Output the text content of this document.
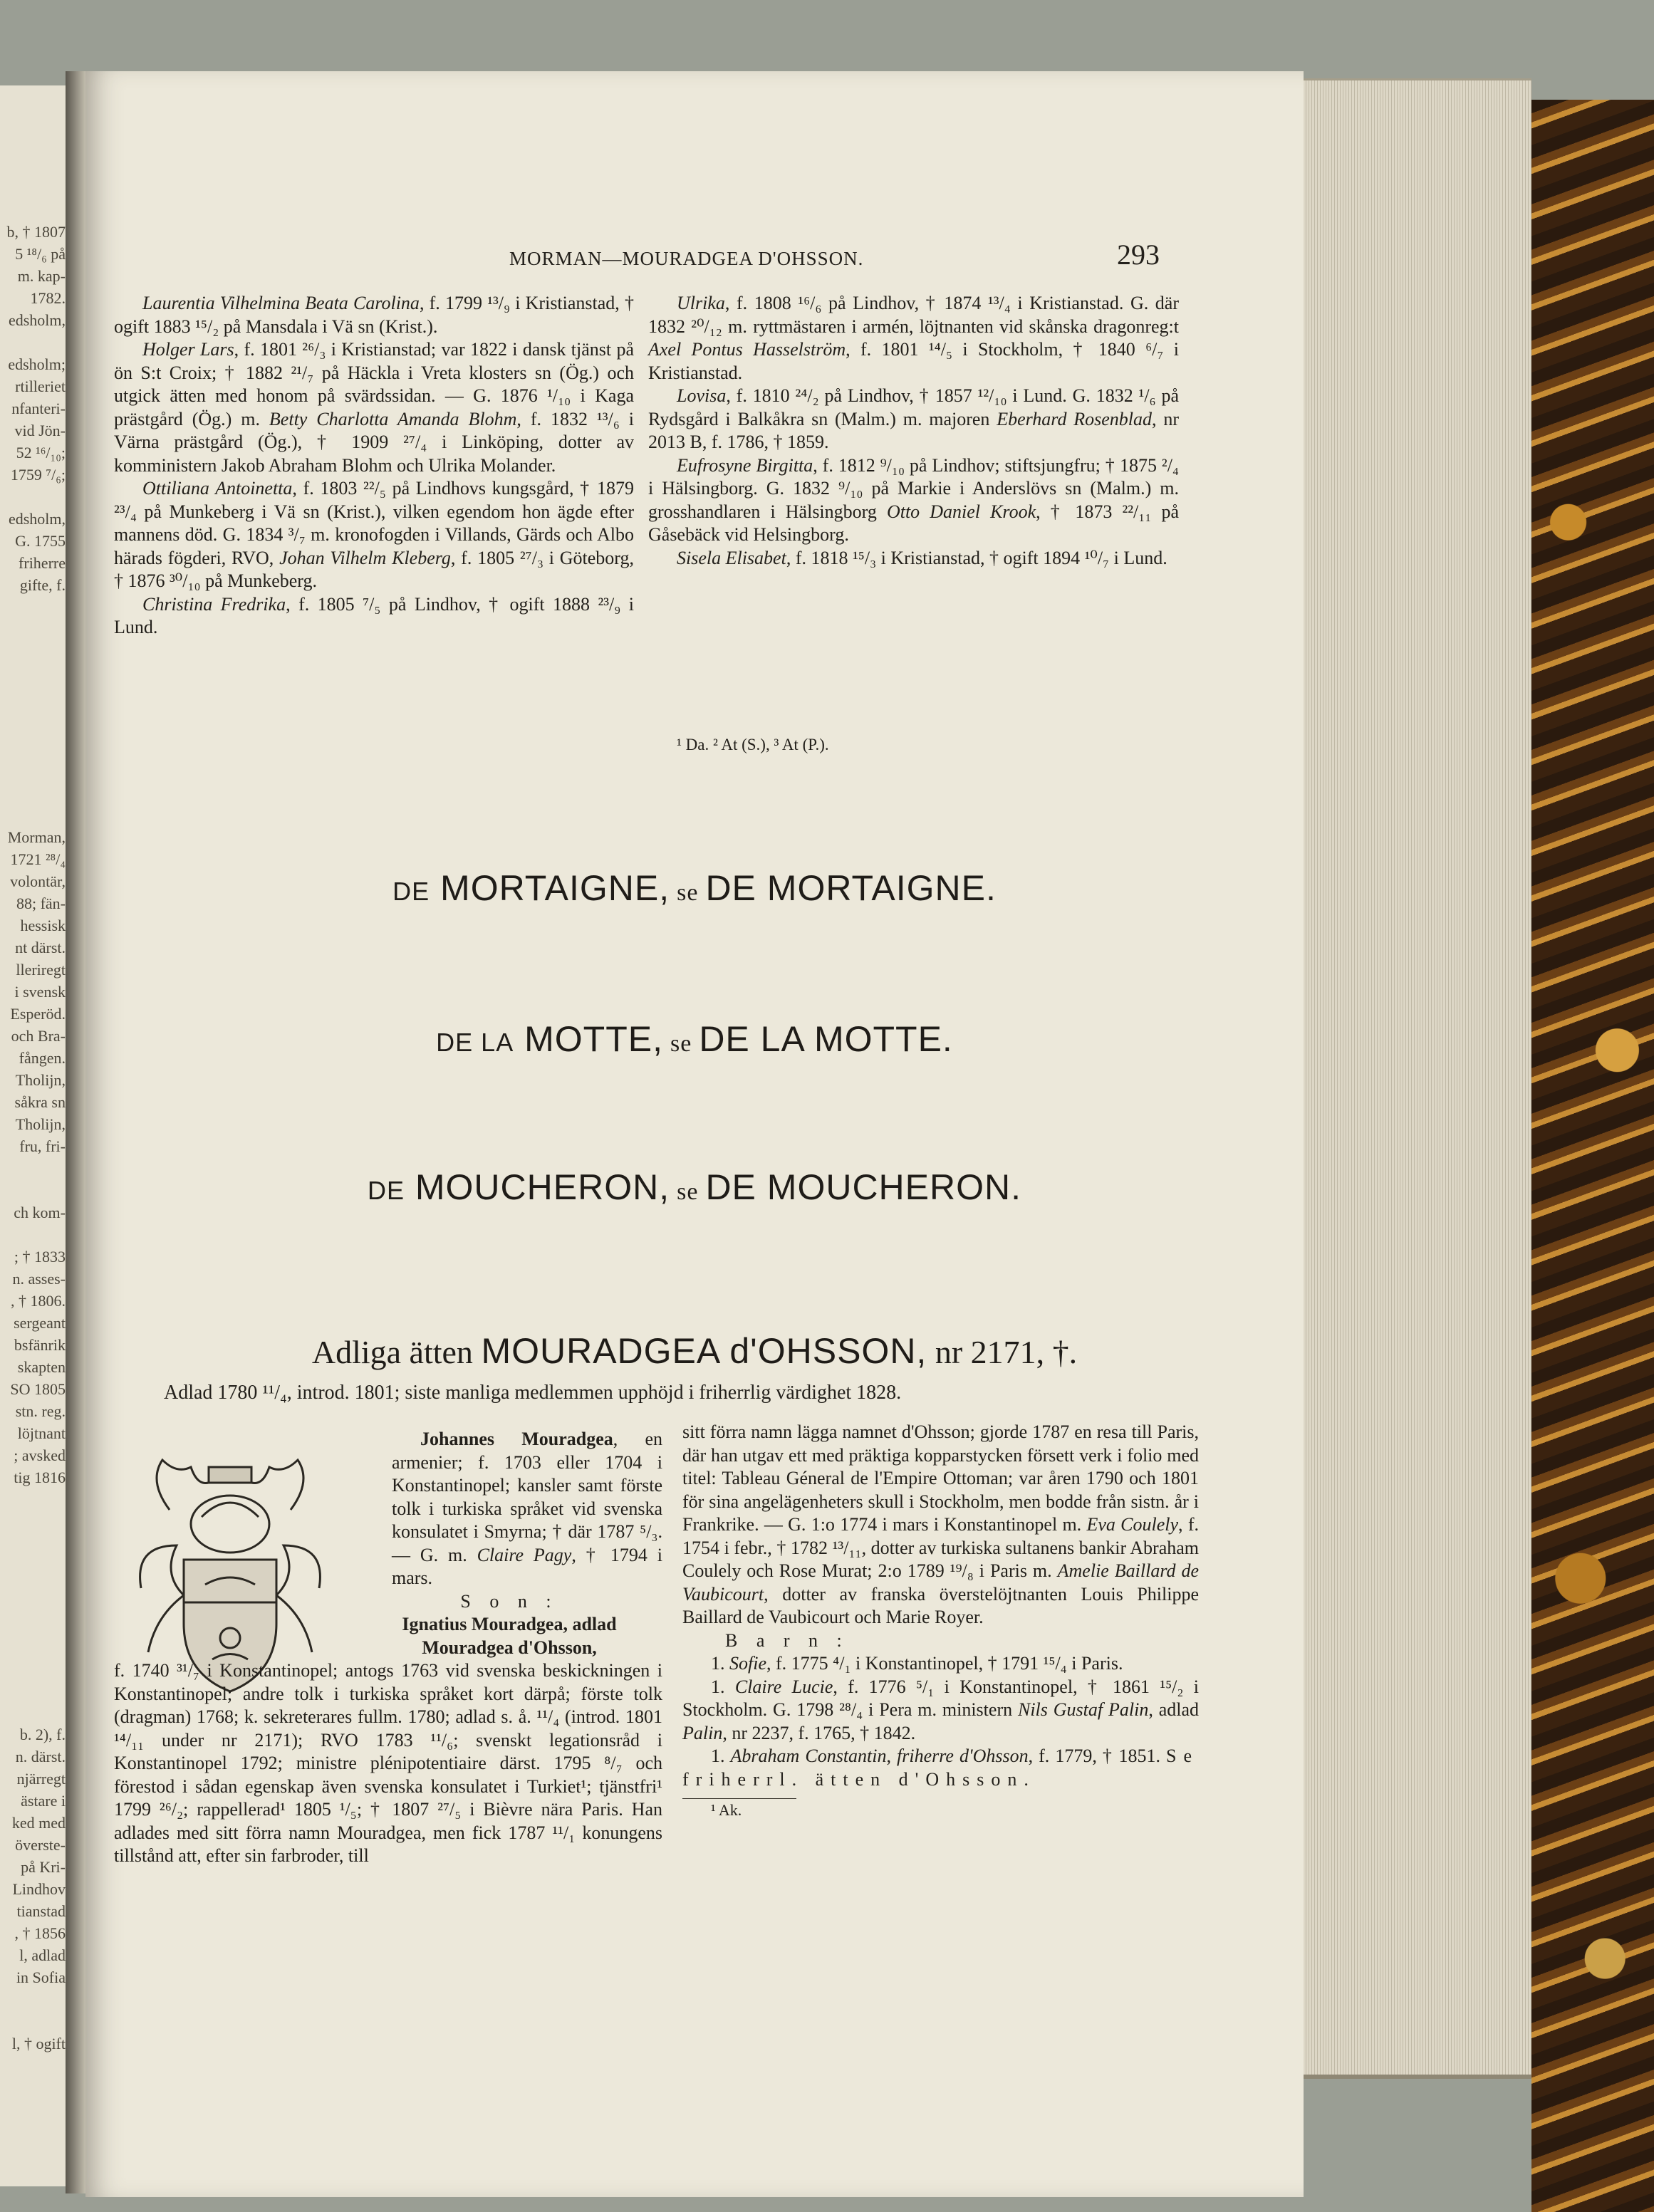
b, † 1807
5 ¹⁸/₆ på
m. kap-
1782.
edsholm,

edsholm;
rtilleriet
nfanteri-
vid Jön-
52 ¹⁶/₁₀;
1759 ⁷/₆;

edsholm,
G. 1755
friherre
gifte, f.
Morman,
1721 ²⁸/₄
volontär,
88; fän-
hessisk
nt därst.
lleriregt
i svensk
Esperöd.
och Bra-
fången.
Tholijn,
såkra sn
Tholijn,
fru, fri-

ch kom-

; † 1833
n. asses-
, † 1806.
sergeant
bsfänrik
skapten
SO 1805
stn. reg.
löjtnant
; avsked
tig 1816
b. 2), f.
n. därst.
njärregt
ästare i
ked med
överste-
på Kri-
Lindhov
tianstad
, † 1856
l, adlad
in Sofia

l, † ogift
MORMAN—MOURADGEA D'OHSSON.	293

Laurentia Vilhelmina Beata Carolina, f. 1799 ¹³/₉ i Kristianstad, † ogift 1883 ¹⁵/₂ på Mansdala i Vä sn (Krist.).

Holger Lars, f. 1801 ²⁶/₃ i Kristianstad; var 1822 i dansk tjänst på ön S:t Croix; † 1882 ²¹/₇ på Häckla i Vreta klosters sn (Ög.) och utgick ätten med honom på svärdssidan. — G. 1876 ¹/₁₀ i Kaga prästgård (Ög.) m. Betty Charlotta Amanda Blohm, f. 1832 ¹³/₆ i Värna prästgård (Ög.), † 1909 ²⁷/₄ i Linköping, dotter av komministern Jakob Abraham Blohm och Ulrika Molander.

Ottiliana Antoinetta, f. 1803 ²²/₅ på Lindhovs kungsgård, † 1879 ²³/₄ på Munkeberg i Vä sn (Krist.), vilken egendom hon ägde efter mannens död. G. 1834 ³/₇ m. kronofogden i Villands, Gärds och Albo härads fögderi, RVO, Johan Vilhelm Kleberg, f. 1805 ²⁷/₃ i Göteborg, † 1876 ³⁰/₁₀ på Munkeberg.

Christina Fredrika, f. 1805 ⁷/₅ på Lindhov, † ogift 1888 ²³/₉ i Lund.

Ulrika, f. 1808 ¹⁶/₆ på Lindhov, † 1874 ¹³/₄ i Kristianstad. G. där 1832 ²⁰/₁₂ m. ryttmästaren i armén, löjtnanten vid skånska dragonreg:t Axel Pontus Hasselström, f. 1801 ¹⁴/₅ i Stockholm, † 1840 ⁶/₇ i Kristianstad.

Lovisa, f. 1810 ²⁴/₂ på Lindhov, † 1857 ¹²/₁₀ i Lund. G. 1832 ¹/₆ på Rydsgård i Balkåkra sn (Malm.) m. majoren Eberhard Rosenblad, nr 2013 B, f. 1786, † 1859.

Eufrosyne Birgitta, f. 1812 ⁹/₁₀ på Lindhov; stiftsjungfru; † 1875 ²/₄ i Hälsingborg. G. 1832 ⁹/₁₀ på Markie i Anderslövs sn (Malm.) m. grosshandlaren i Hälsingborg Otto Daniel Krook, † 1873 ²²/₁₁ på Gåsebäck vid Helsingborg.

Sisela Elisabet, f. 1818 ¹⁵/₃ i Kristianstad, † ogift 1894 ¹⁰/₇ i Lund.

¹ Da. ² At (S.), ³ At (P.).
DE MORTAIGNE, se DE MORTAIGNE.
DE LA MOTTE, se DE LA MOTTE.
DE MOUCHERON, se DE MOUCHERON.
Adliga ätten MOURADGEA d'OHSSON, nr 2171, †.
Adlad 1780 ¹¹/₄, introd. 1801; siste manliga medlemmen upphöjd i friherrlig värdighet 1828.

Johannes Mouradgea, en armenier; f. 1703 eller 1704 i Konstantinopel; kansler samt förste tolk i turkiska språket vid svenska konsulatet i Smyrna; † där 1787 ⁵/₃. — G. m. Claire Pagy, † 1794 i mars.

S o n :

Ignatius Mouradgea, adlad Mouradgea d'Ohsson,

f. 1740 ³¹/₇ i Konstantinopel; antogs 1763 vid svenska beskickningen i Konstantinopel; andre tolk i turkiska språket kort därpå; förste tolk (dragman) 1768; k. sekreterares fullm. 1780; adlad s. å. ¹¹/₄ (introd. 1801 ¹⁴/₁₁ under nr 2171); RVO 1783 ¹¹/₆; svenskt legationsråd i Konstantinopel 1792; ministre plénipotentiaire därst. 1795 ⁸/₇ och förestod i sådan egenskap även svenska konsulatet i Turkiet¹; tjänstfri¹ 1799 ²⁶/₂; rappellerad¹ 1805 ¹/₅; † 1807 ²⁷/₅ i Bièvre nära Paris. Han adlades med sitt förra namn Mouradgea, men fick 1787 ¹¹/₁ konungens tillstånd att, efter sin farbroder, till

sitt förra namn lägga namnet d'Ohsson; gjorde 1787 en resa till Paris, där han utgav ett med präktiga kopparstycken försett verk i folio med titel: Tableau Géneral de l'Empire Ottoman; var åren 1790 och 1801 för sina angelägenheters skull i Stockholm, men bodde från sistn. år i Frankrike. — G. 1:o 1774 i mars i Konstantinopel m. Eva Coulely, f. 1754 i febr., † 1782 ¹³/₁₁, dotter av turkiska sultanens bankir Abraham Coulely och Rose Murat; 2:o 1789 ¹⁹/₈ i Paris m. Amelie Baillard de Vaubicourt, dotter av franska överstelöjtnanten Louis Philippe Baillard de Vaubicourt och Marie Royer.

B a r n :

1. Sofie, f. 1775 ⁴/₁ i Konstantinopel, † 1791 ¹⁵/₄ i Paris.

1. Claire Lucie, f. 1776 ⁵/₁ i Konstantinopel, † 1861 ¹⁵/₂ i Stockholm. G. 1798 ²⁸/₄ i Pera m. ministern Nils Gustaf Palin, adlad Palin, nr 2237, f. 1765, † 1842.

1. Abraham Constantin, friherre d'Ohsson, f. 1779, † 1851. Se friherrl. ätten d'Ohsson.

¹ Ak.
